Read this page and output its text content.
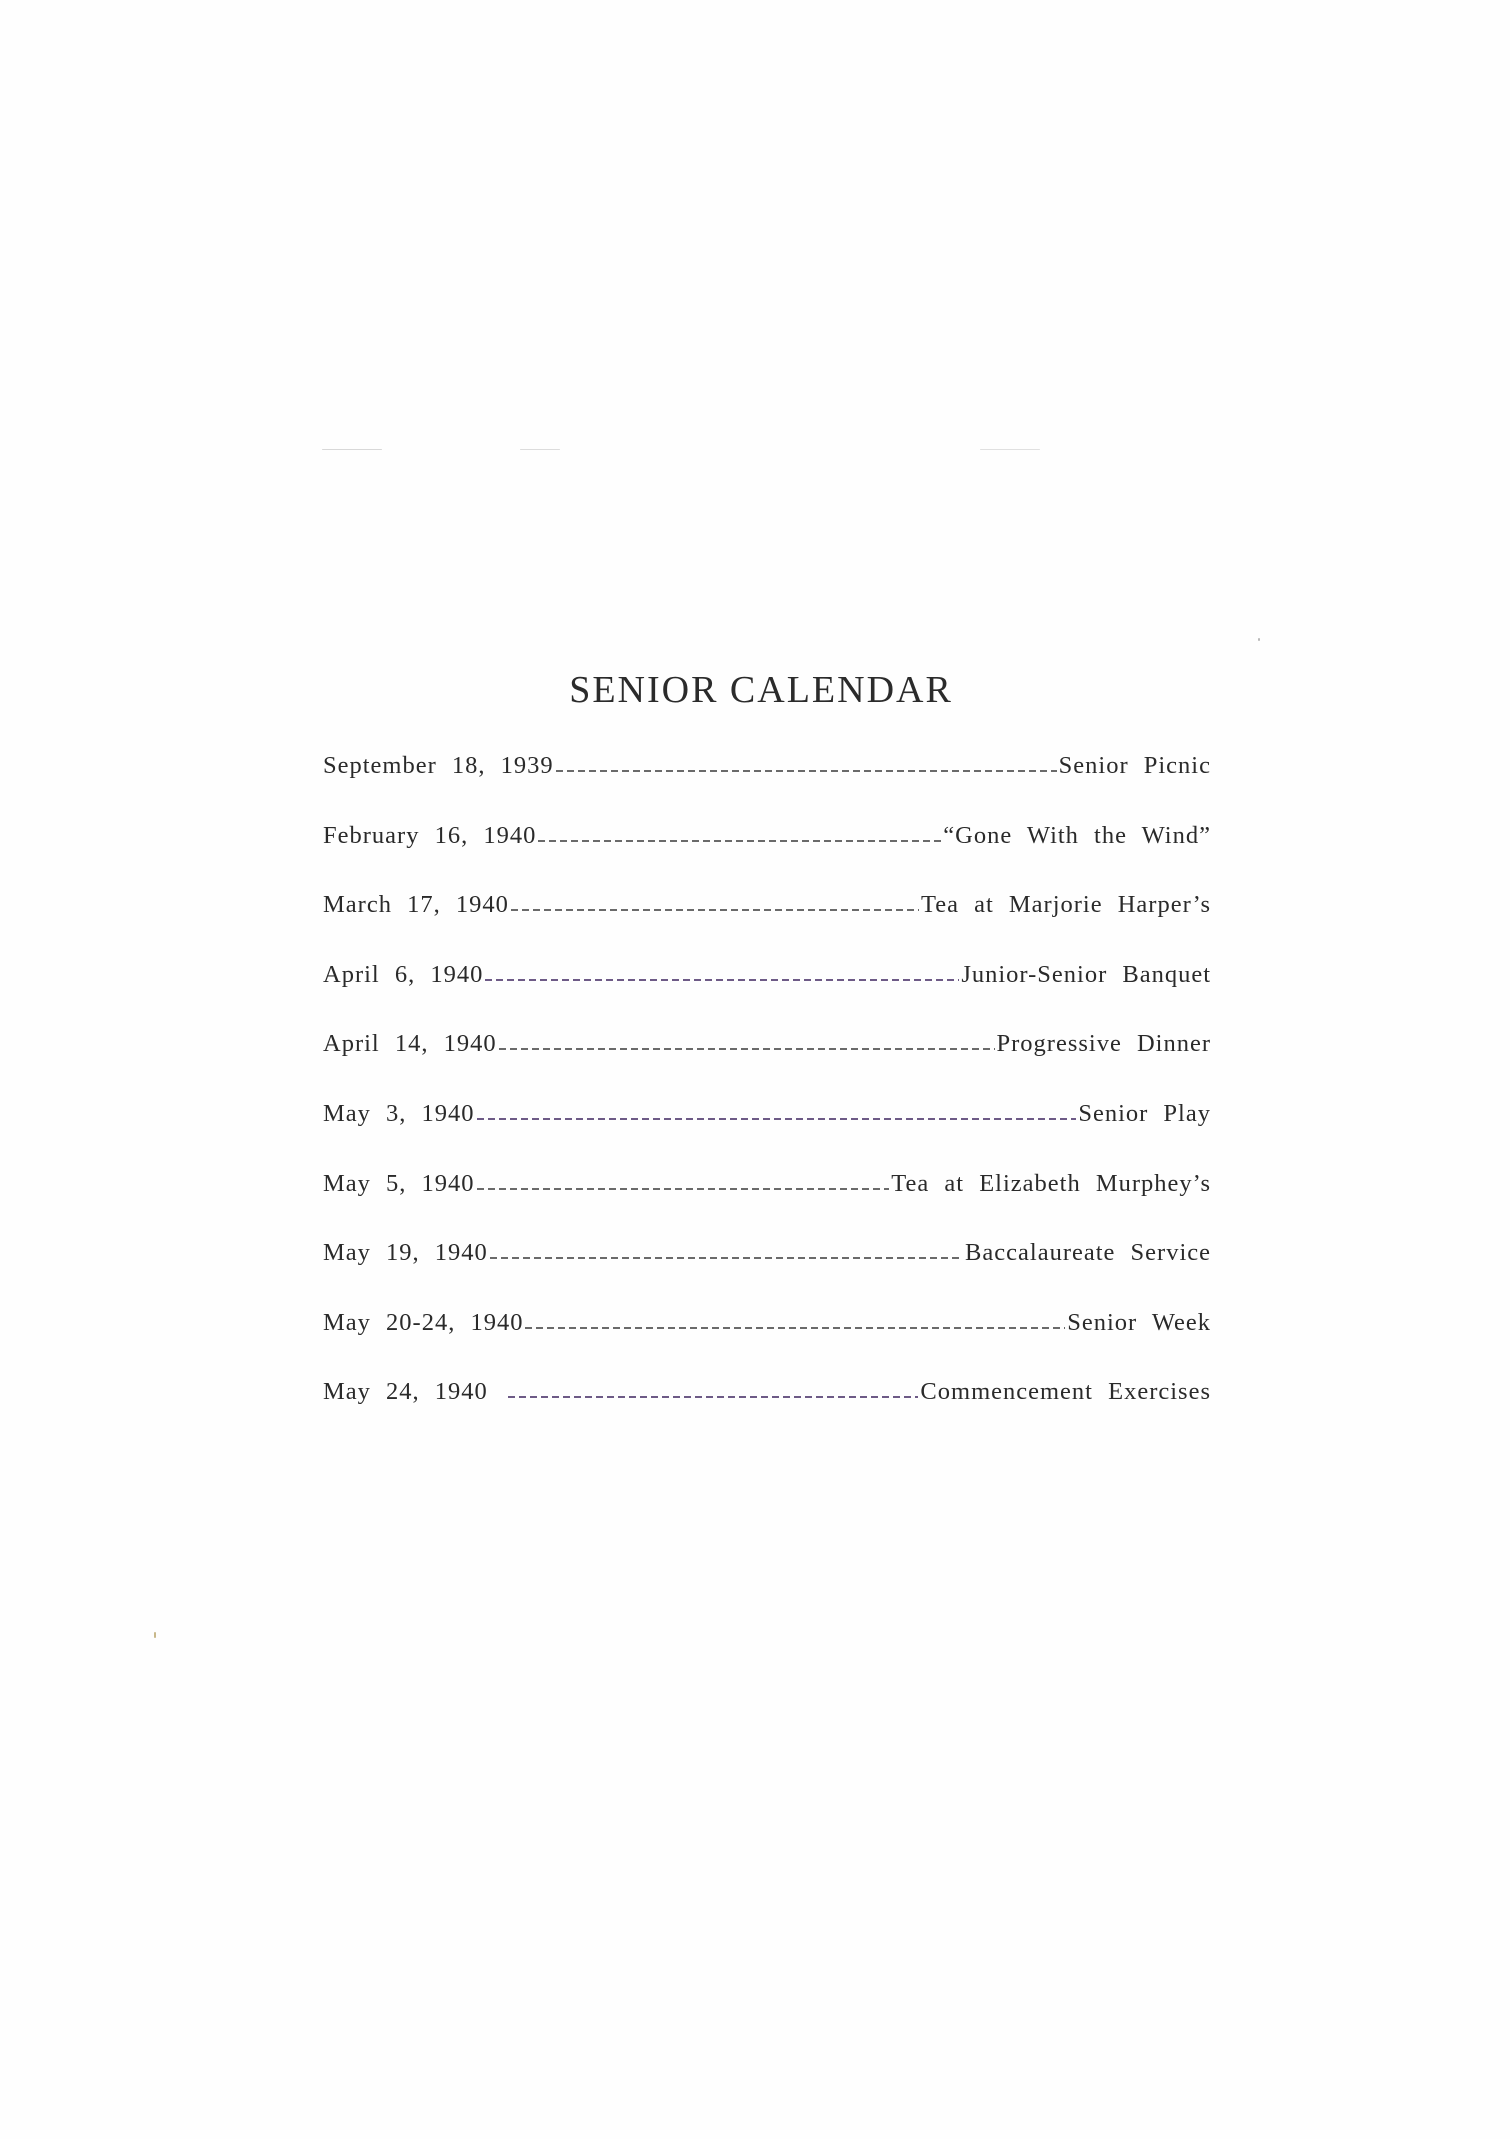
SENIOR CALENDAR
September 18, 1939	Senior Picnic
February 16, 1940	“Gone With the Wind”
March 17, 1940	Tea at Marjorie Harper’s
April 6, 1940	Junior-Senior Banquet
April 14, 1940	Progressive Dinner
May 3, 1940	Senior Play
May 5, 1940	Tea at Elizabeth Murphey’s
May 19, 1940	Baccalaureate Service
May 20-24, 1940	Senior Week
May 24, 1940	Commencement Exercises
